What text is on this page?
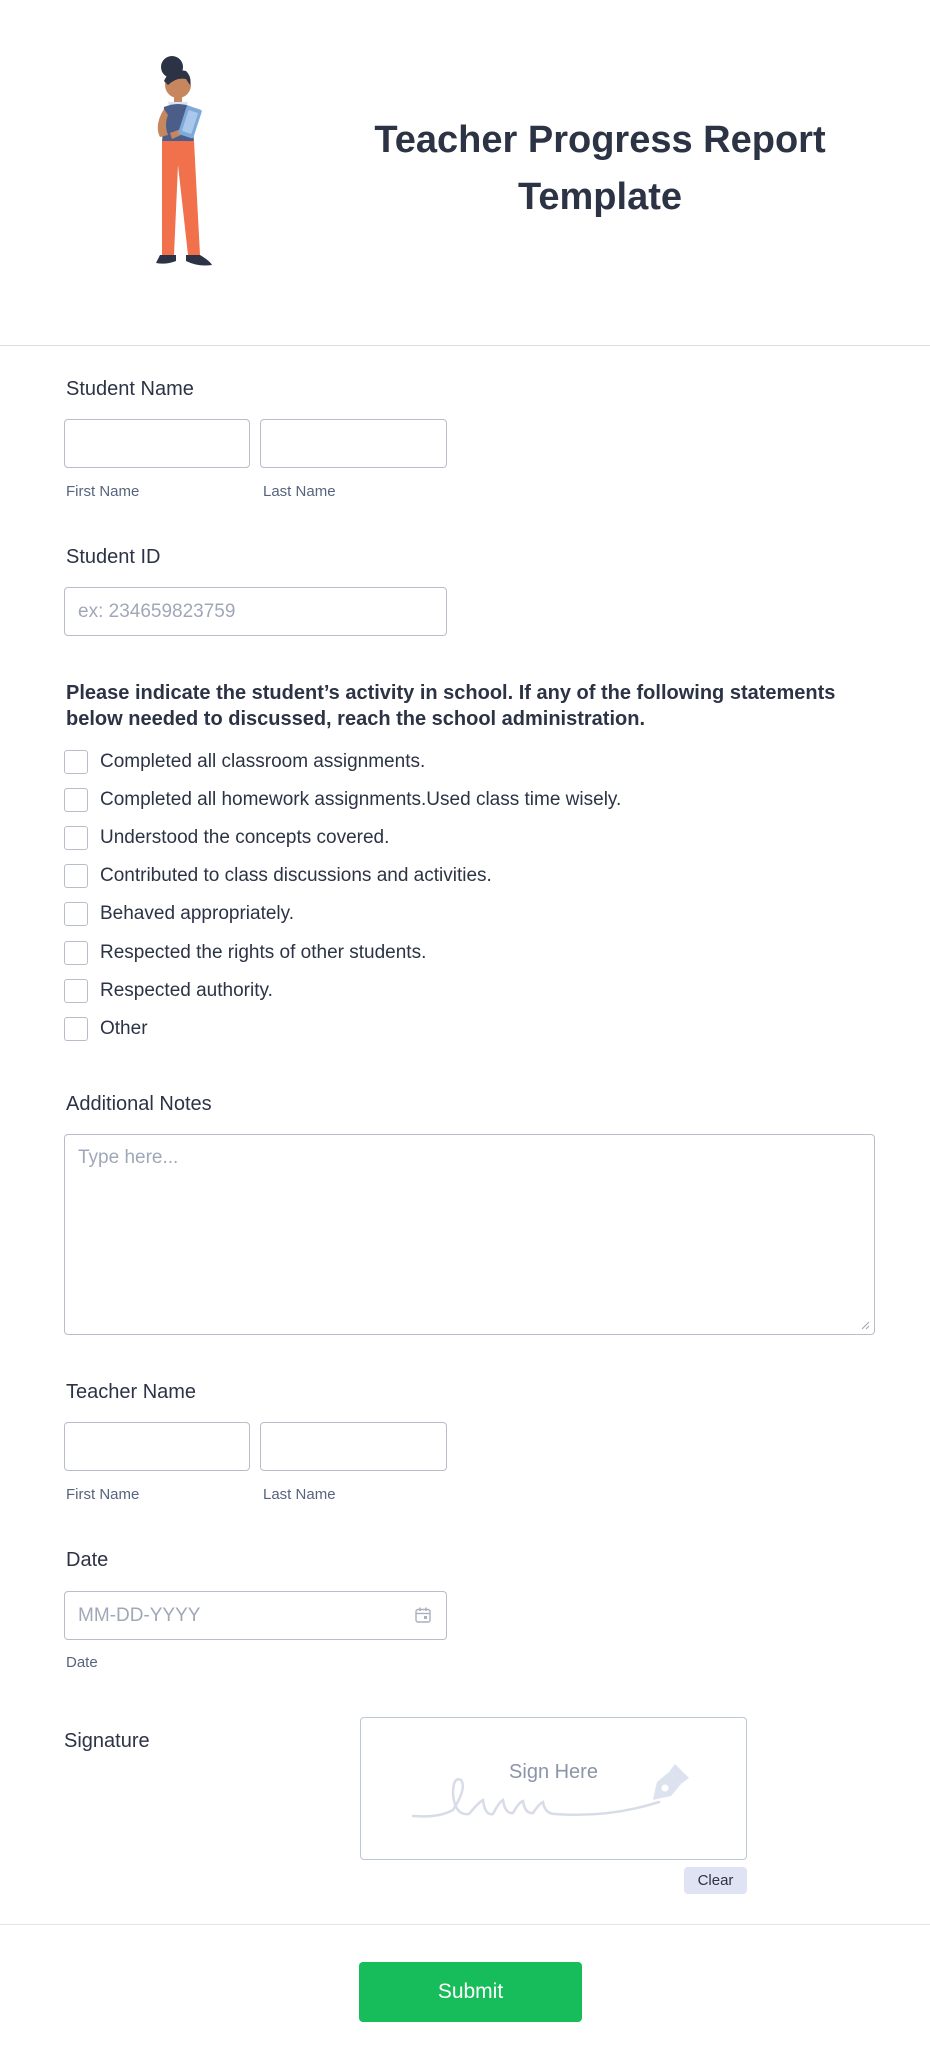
Teacher Progress Report Template
Student Name
First Name	Last Name
Student ID
ex: 234659823759
Please indicate the student’s activity in school. If any of the following statements below needed to discussed, reach the school administration.
Completed all classroom assignments.
Completed all homework assignments.Used class time wisely.
Understood the concepts covered.
Contributed to class discussions and activities.
Behaved appropriately.
Respected the rights of other students.
Respected authority.
Other
Additional Notes
Type here...
Teacher Name
First Name	Last Name
Date
MM-DD-YYYY
Date
Signature
Sign Here
Clear
Submit
